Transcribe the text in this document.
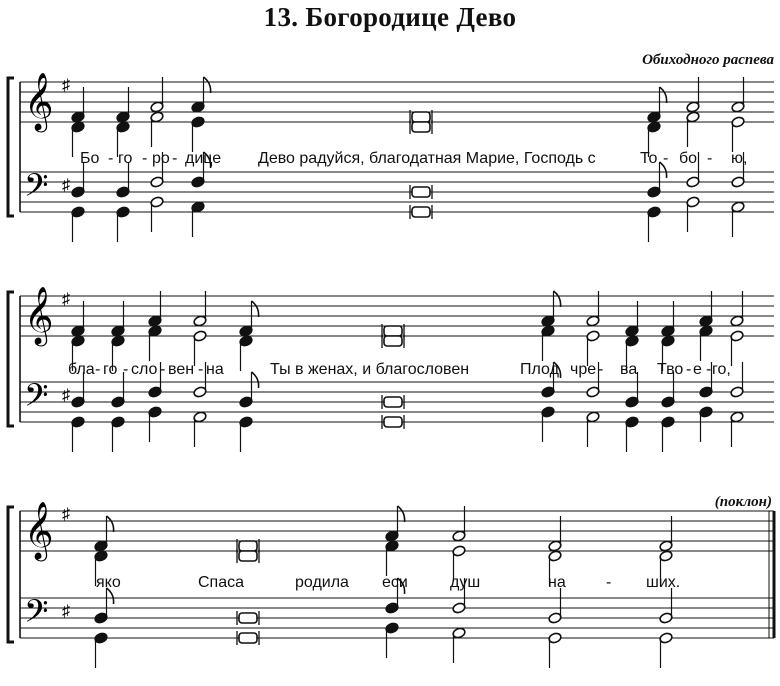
13. Богородице Дево
Обиходного распева
(поклон)
𝄞
𝄢
♯
♯
Бо - го - ро - дице Дево радуйся, благодатная Марие, Господь с	То - бо - ю,
𝄞
𝄢
♯
♯
бла - го - сло - вен - на	Ты в женах, и благословен	Плод чре - ва Тво - е - го,
𝄞
𝄢
♯
♯
яко	Спаса	родила еси	душ	на	- ших.
